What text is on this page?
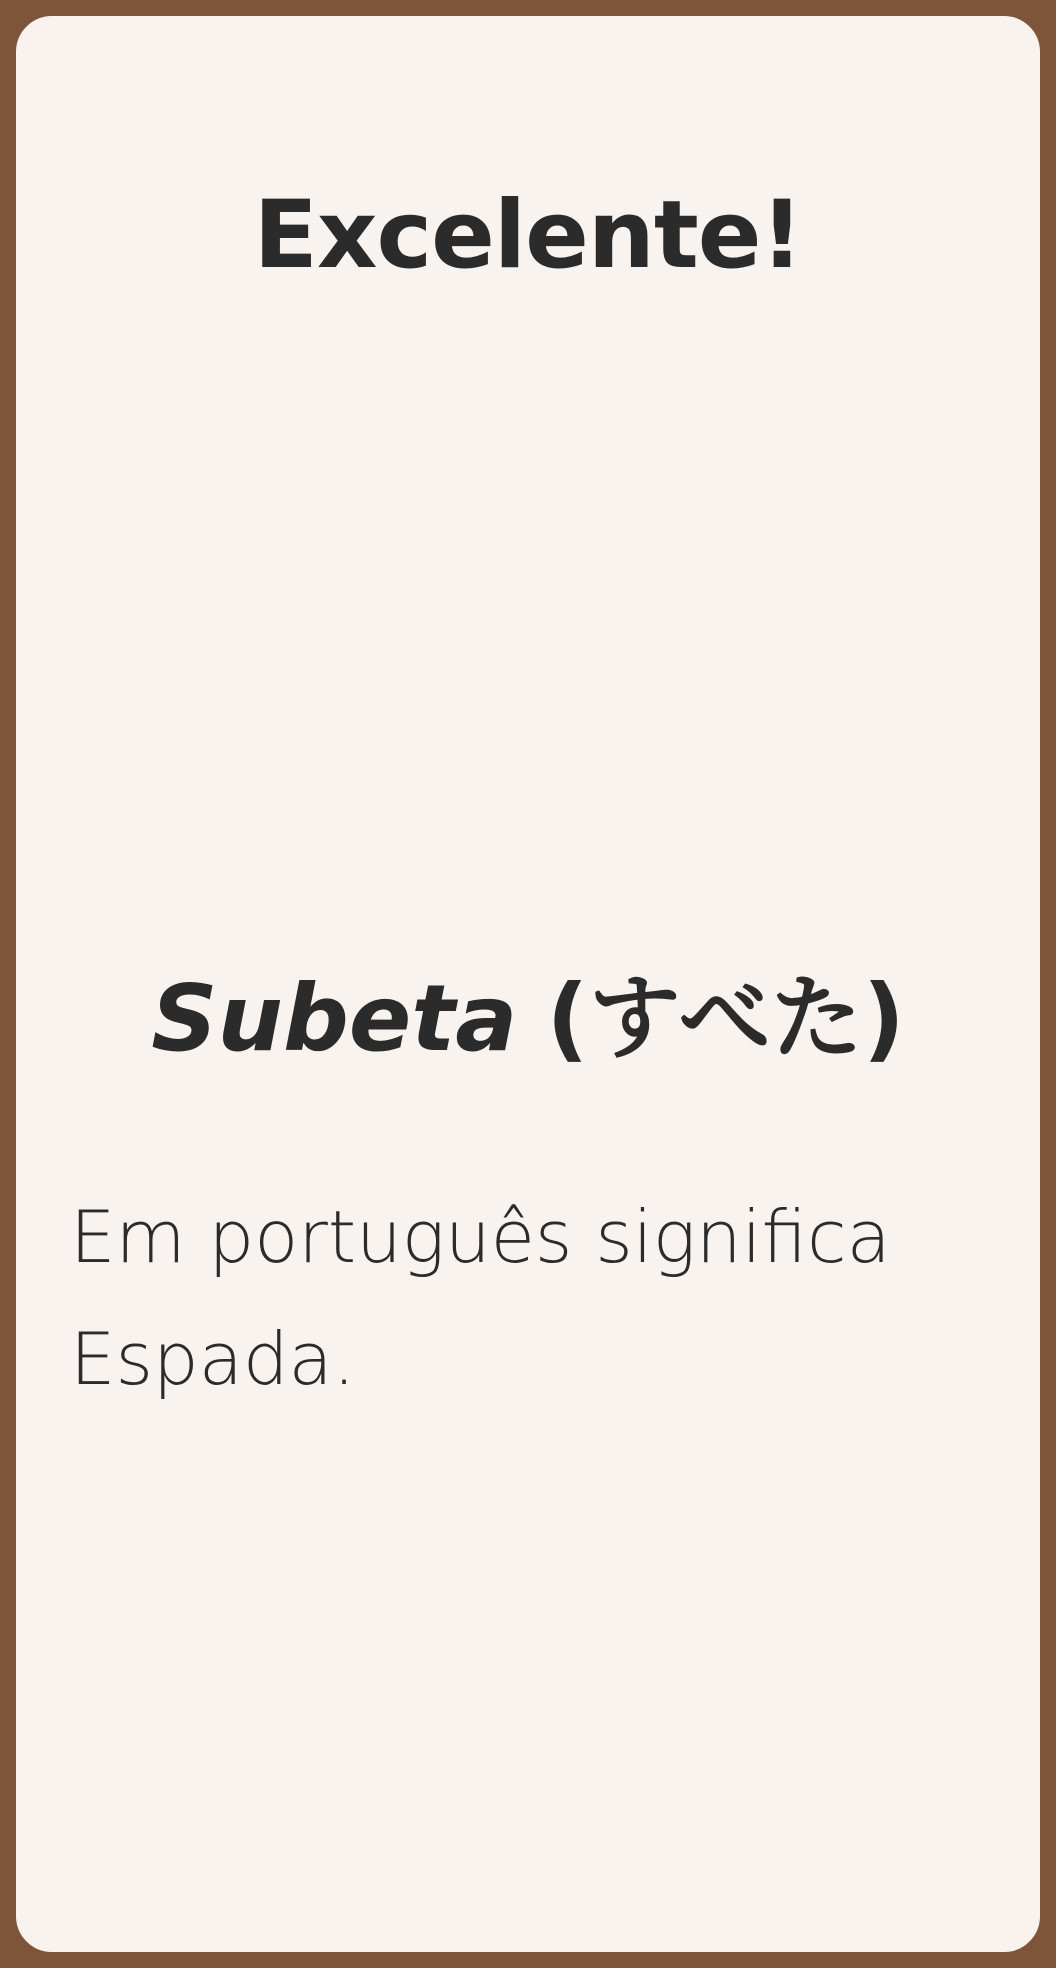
Excelente!
Subeta (すべた)

Em português significa Espada.
